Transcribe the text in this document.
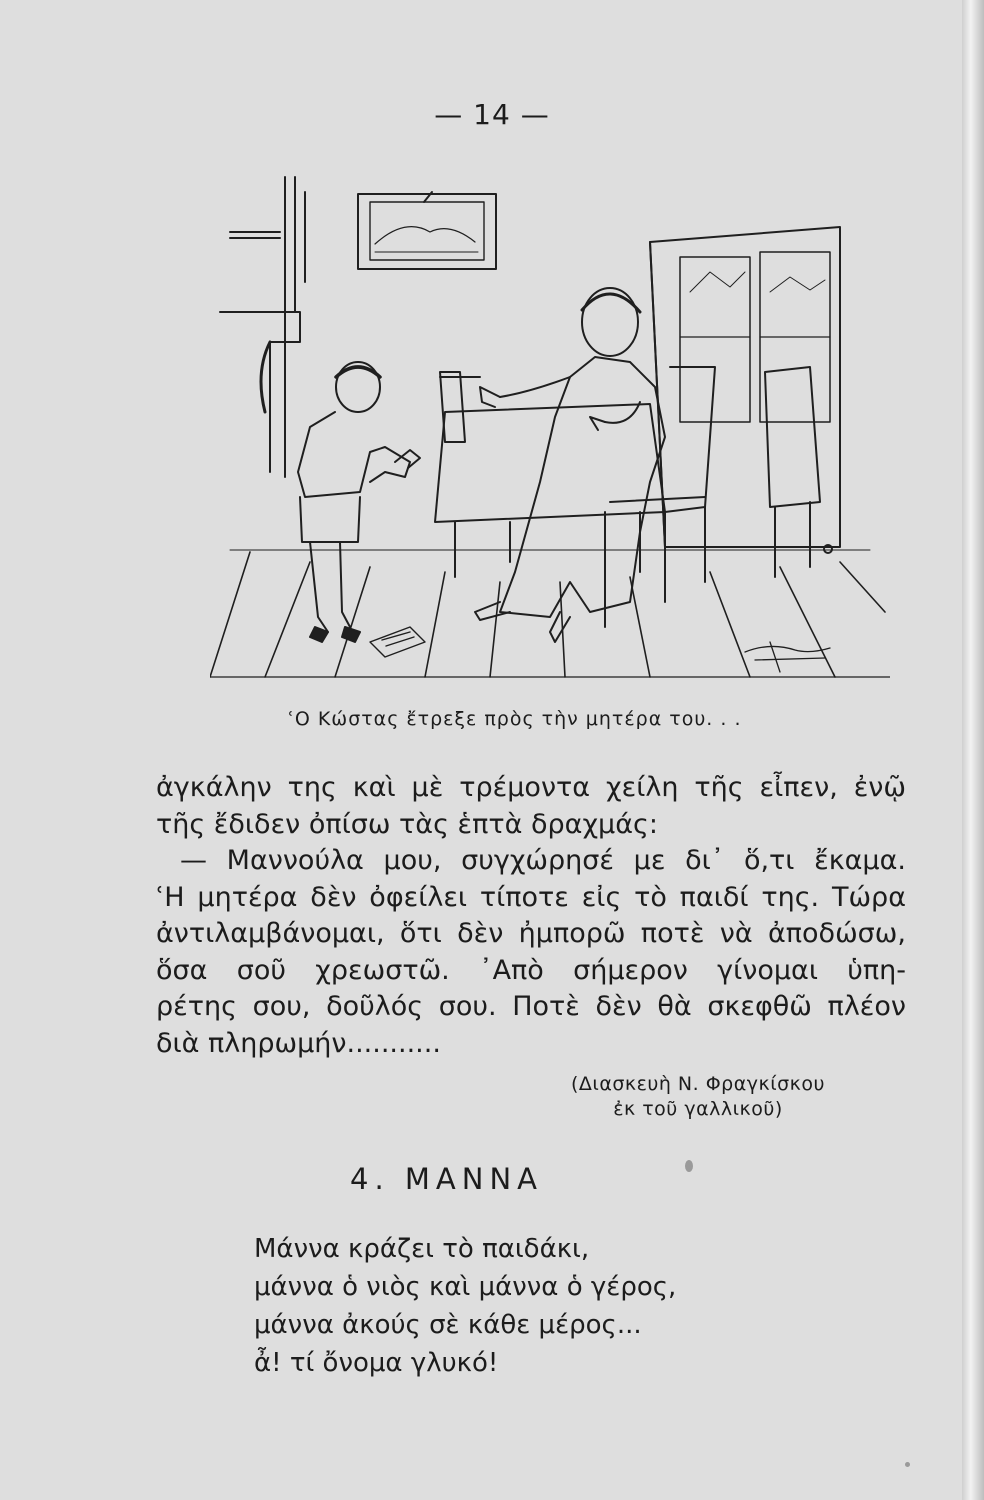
— 14 —
ʿΟ Κώστας ἔτρεξε πρὸς τὴν μητέρα του. . .
ἀγκάλην της καὶ μὲ τρέμοντα χείλη τῆς εἶπεν, ἐνῷ
τῆς ἔδιδεν ὀπίσω τὰς ἑπτὰ δραχμάς:
— Μαννούλα μου, συγχώρησέ με δι᾽ ὅ,τι ἔκαμα.
ʿΗ μητέρα δὲν ὀφείλει τίποτε εἰς τὸ παιδί της. Τώρα
ἀντιλαμβάνομαι, ὅτι δὲν ἠμπορῶ ποτὲ νὰ ἀποδώσω,
ὅσα σοῦ χρεωστῶ. ᾿Απὸ σήμερον γίνομαι ὑπη-
ρέτης σου, δοῦλός σου. Ποτὲ δὲν θὰ σκεφθῶ πλέον
διὰ πληρωμήν...........
(Διασκευὴ Ν. Φραγκίσκου
ἐκ τοῦ γαλλικοῦ)
4. ΜΑΝΝΑ
Μάννα κράζει τὸ παιδάκι,
μάννα ὁ νιὸς καὶ μάννα ὁ γέρος,
μάννα ἀκούς σὲ κάθε μέρος...
ἆ! τί ὄνομα γλυκό!
